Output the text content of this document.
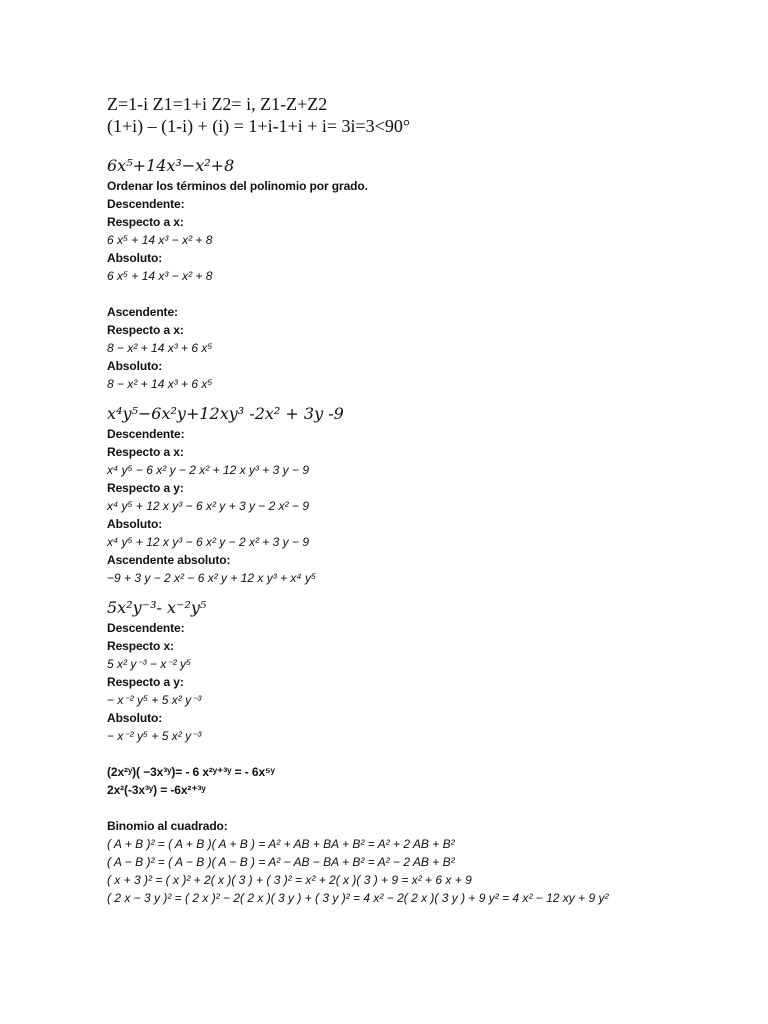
Z=1-i Z1=1+i Z2= i, Z1-Z+Z2
(1+i) – (1-i) + (i) = 1+i-1+i + i= 3i=3<90°
6x⁵+14x³−x²+8
Ordenar los términos del polinomio por grado.
Descendente:
Respecto a x:
6 x⁵ + 14 x³ − x² + 8
Absoluto:
6 x⁵ + 14 x³ − x² + 8
Ascendente:
Respecto a x:
8 − x² + 14 x³ + 6 x⁵
Absoluto:
8 − x² + 14 x³ + 6 x⁵
x⁴y⁵−6x²y+12xy³ -2x² + 3y -9
Descendente:
Respecto a x:
x⁴ y⁵ − 6 x² y − 2 x² + 12 x y³ + 3 y − 9
Respecto a y:
x⁴ y⁵ + 12 x y³ − 6 x² y + 3 y − 2 x² − 9
Absoluto:
x⁴ y⁵ + 12 x y³ − 6 x² y − 2 x² + 3 y − 9
Ascendente absoluto:
−9 + 3 y − 2 x² − 6 x² y + 12 x y³ + x⁴ y⁵
5x²y⁻³- x⁻²y⁵
Descendente:
Respecto x:
5 x² y⁻³ − x⁻² y⁵
Respecto a y:
− x⁻² y⁵ + 5 x² y⁻³
Absoluto:
− x⁻² y⁵ + 5 x² y⁻³
(2x²ʸ)( −3x³ʸ)= - 6 x²ʸ⁺³ʸ = - 6x⁵ʸ
2x²(-3x³ʸ) = -6x²⁺³ʸ
Binomio al cuadrado:
( A + B )² = ( A + B )( A + B ) = A² + AB + BA + B² = A² + 2 AB + B²
( A − B )² = ( A − B )( A − B ) = A² − AB − BA + B² = A² − 2 AB + B²
( x + 3 )² = ( x )² + 2( x )( 3 ) + ( 3 )² = x² + 2( x )( 3 ) + 9 = x² + 6 x + 9
( 2 x − 3 y )² = ( 2 x )² − 2( 2 x )( 3 y ) + ( 3 y )² = 4 x² − 2( 2 x )( 3 y ) + 9 y² = 4 x² − 12 xy + 9 y²
